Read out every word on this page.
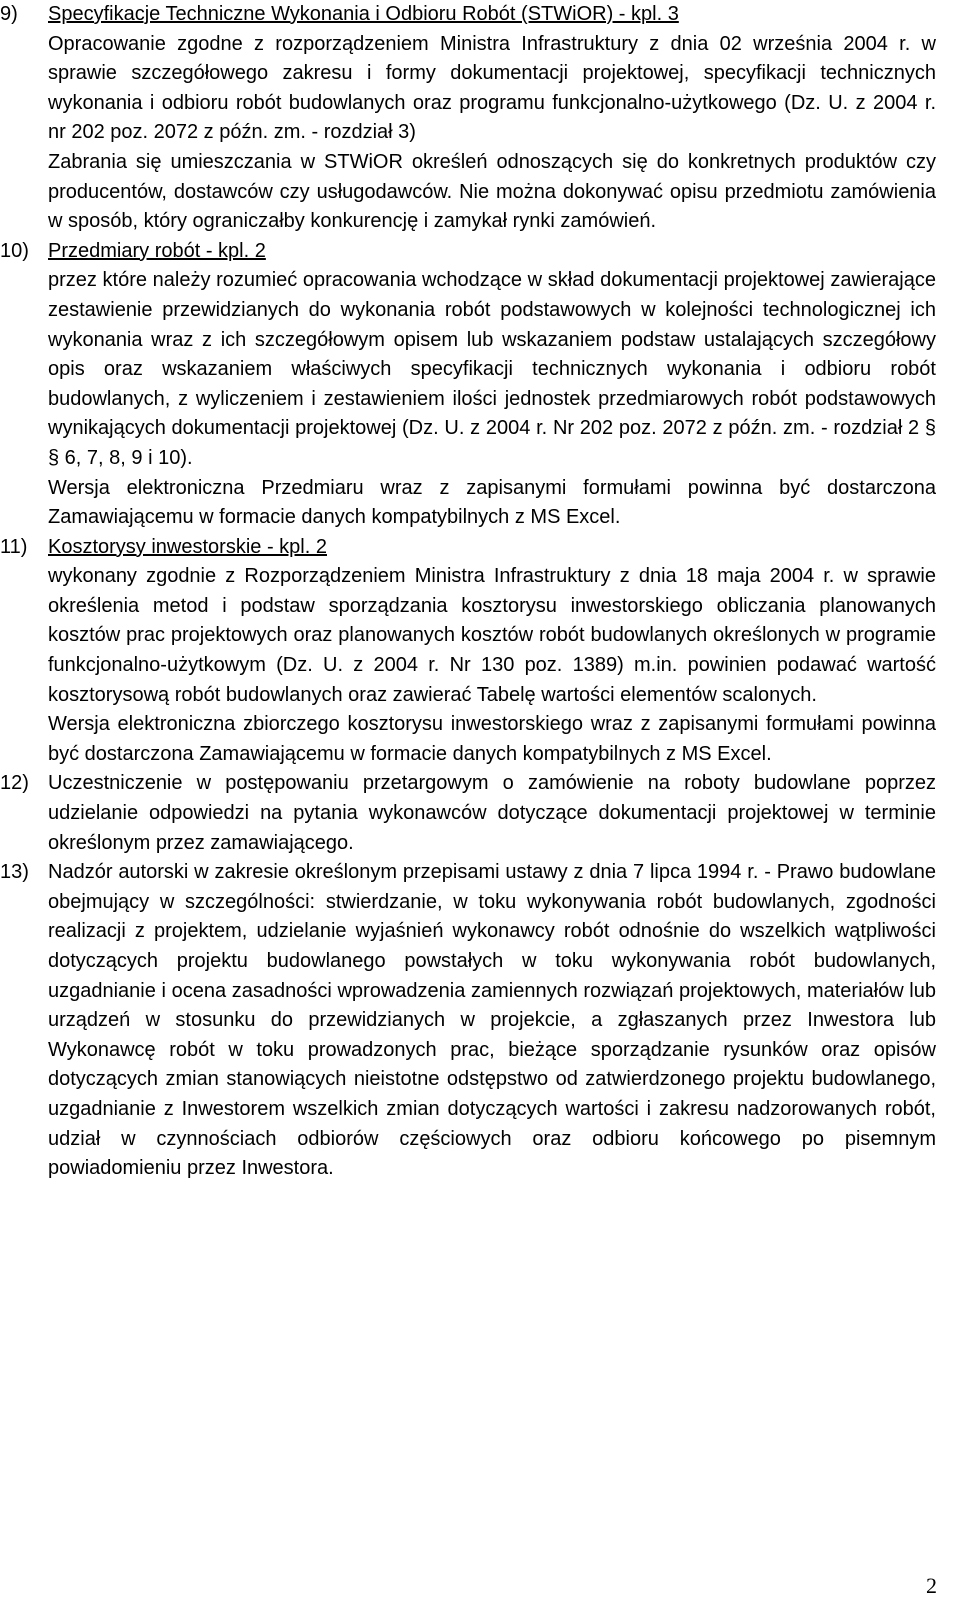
9) Specyfikacje Techniczne Wykonania i Odbioru Robót (STWiOR) - kpl. 3
Opracowanie zgodne z rozporządzeniem Ministra Infrastruktury z dnia 02 września 2004 r. w sprawie szczegółowego zakresu i formy dokumentacji projektowej, specyfikacji technicznych wykonania i odbioru robót budowlanych oraz programu funkcjonalno-użytkowego (Dz. U. z 2004 r. nr 202 poz. 2072 z późn. zm. - rozdział 3)
Zabrania się umieszczania w STWiOR określeń odnoszących się do konkretnych produktów czy producentów, dostawców czy usługodawców. Nie można dokonywać opisu przedmiotu zamówienia w sposób, który ograniczałby konkurencję i zamykał rynki zamówień.
10) Przedmiary robót - kpl. 2
przez które należy rozumieć opracowania wchodzące w skład dokumentacji projektowej zawierające zestawienie przewidzianych do wykonania robót podstawowych w kolejności technologicznej ich wykonania wraz z ich szczegółowym opisem lub wskazaniem podstaw ustalających szczegółowy opis oraz wskazaniem właściwych specyfikacji technicznych wykonania i odbioru robót budowlanych, z wyliczeniem i zestawieniem ilości jednostek przedmiarowych robót podstawowych wynikających dokumentacji projektowej (Dz. U. z 2004 r. Nr 202 poz. 2072 z późn. zm. - rozdział 2 § § 6, 7, 8, 9 i 10).
Wersja elektroniczna Przedmiaru wraz z zapisanymi formułami powinna być dostarczona Zamawiającemu w formacie danych kompatybilnych z MS Excel.
11) Kosztorysy inwestorskie - kpl. 2
wykonany zgodnie z Rozporządzeniem Ministra Infrastruktury z dnia 18 maja 2004 r. w sprawie określenia metod i podstaw sporządzania kosztorysu inwestorskiego obliczania planowanych kosztów prac projektowych oraz planowanych kosztów robót budowlanych określonych w programie funkcjonalno-użytkowym (Dz. U. z 2004 r. Nr 130 poz. 1389) m.in. powinien podawać wartość kosztorysową robót budowlanych oraz zawierać Tabelę wartości elementów scalonych.
Wersja elektroniczna zbiorczego kosztorysu inwestorskiego wraz z zapisanymi formułami powinna być dostarczona Zamawiającemu w formacie danych kompatybilnych z MS Excel.
12) Uczestniczenie w postępowaniu przetargowym o zamówienie na roboty budowlane poprzez udzielanie odpowiedzi na pytania wykonawców dotyczące dokumentacji projektowej w terminie określonym przez zamawiającego.
13) Nadzór autorski w zakresie określonym przepisami ustawy z dnia 7 lipca 1994 r. - Prawo budowlane obejmujący w szczególności: stwierdzanie, w toku wykonywania robót budowlanych, zgodności realizacji z projektem, udzielanie wyjaśnień wykonawcy robót odnośnie do wszelkich wątpliwości dotyczących projektu budowlanego powstałych w toku wykonywania robót budowlanych, uzgadnianie i ocena zasadności wprowadzenia zamiennych rozwiązań projektowych, materiałów lub urządzeń w stosunku do przewidzianych w projekcie, a zgłaszanych przez Inwestora lub Wykonawcę robót w toku prowadzonych prac, bieżące sporządzanie rysunków oraz opisów dotyczących zmian stanowiących nieistotne odstępstwo od zatwierdzonego projektu budowlanego, uzgadnianie z Inwestorem wszelkich zmian dotyczących wartości i zakresu nadzorowanych robót, udział w czynnościach odbiorów częściowych oraz odbioru końcowego po pisemnym powiadomieniu przez Inwestora.
2
